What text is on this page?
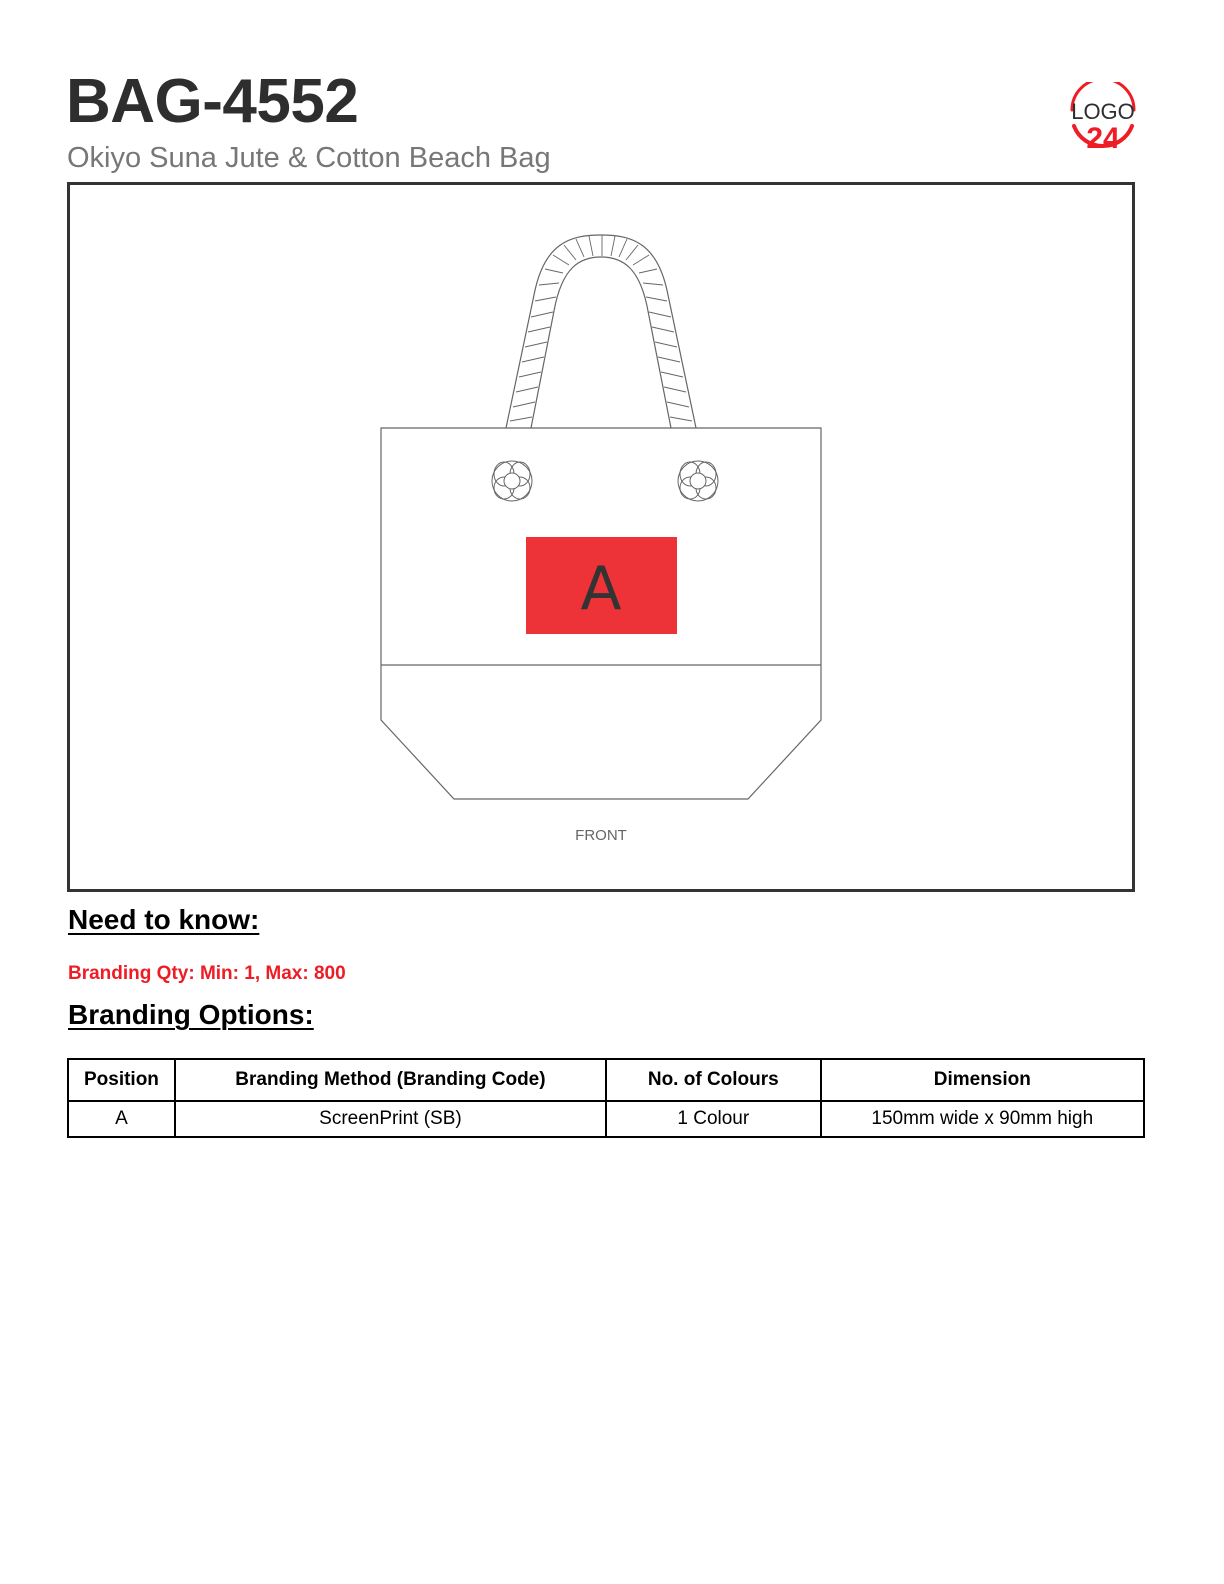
BAG-4552

Okiyo Suna Jute & Cotton Beach Bag

LOGO
24
A
FRONT
Need to know:
Branding Qty: Min: 1, Max: 800
Branding Options:
Position	Branding Method (Branding Code)	No. of Colours	Dimension
A	ScreenPrint (SB)	1 Colour	150mm wide x 90mm high
